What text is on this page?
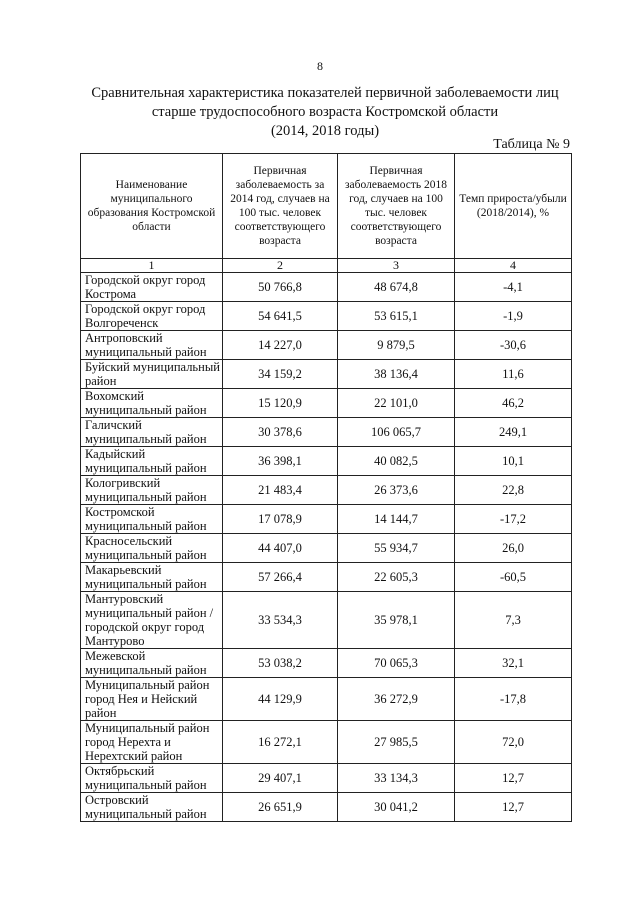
8
Сравнительная характеристика показателей первичной заболеваемости лиц
старше трудоспособного возраста Костромской области
(2014, 2018 годы)
Таблица № 9
Наименование муниципального образования Костромской области	Первичная заболеваемость за 2014 год, случаев на 100 тыс. человек соответствующего возраста	Первичная заболеваемость 2018 год, случаев на 100 тыс. человек соответствующего возраста	Темп прироста/убыли (2018/2014), %
1	2	3	4
Городской округ город Кострома	50 766,8	48 674,8	-4,1
Городской округ город Волгореченск	54 641,5	53 615,1	-1,9
Антроповский муниципальный район	14 227,0	9 879,5	-30,6
Буйский муниципальный район	34 159,2	38 136,4	11,6
Вохомский муниципальный район	15 120,9	22 101,0	46,2
Галичский муниципальный район	30 378,6	106 065,7	249,1
Кадыйский муниципальный район	36 398,1	40 082,5	10,1
Кологривский муниципальный район	21 483,4	26 373,6	22,8
Костромской муниципальный район	17 078,9	14 144,7	-17,2
Красносельский муниципальный район	44 407,0	55 934,7	26,0
Макарьевский муниципальный район	57 266,4	22 605,3	-60,5
Мантуровский муниципальный район / городской округ город Мантурово	33 534,3	35 978,1	7,3
Межевской муниципальный район	53 038,2	70 065,3	32,1
Муниципальный район город Нея и Нейский район	44 129,9	36 272,9	-17,8
Муниципальный район город Нерехта и Нерехтский район	16 272,1	27 985,5	72,0
Октябрьский муниципальный район	29 407,1	33 134,3	12,7
Островский муниципальный район	26 651,9	30 041,2	12,7
